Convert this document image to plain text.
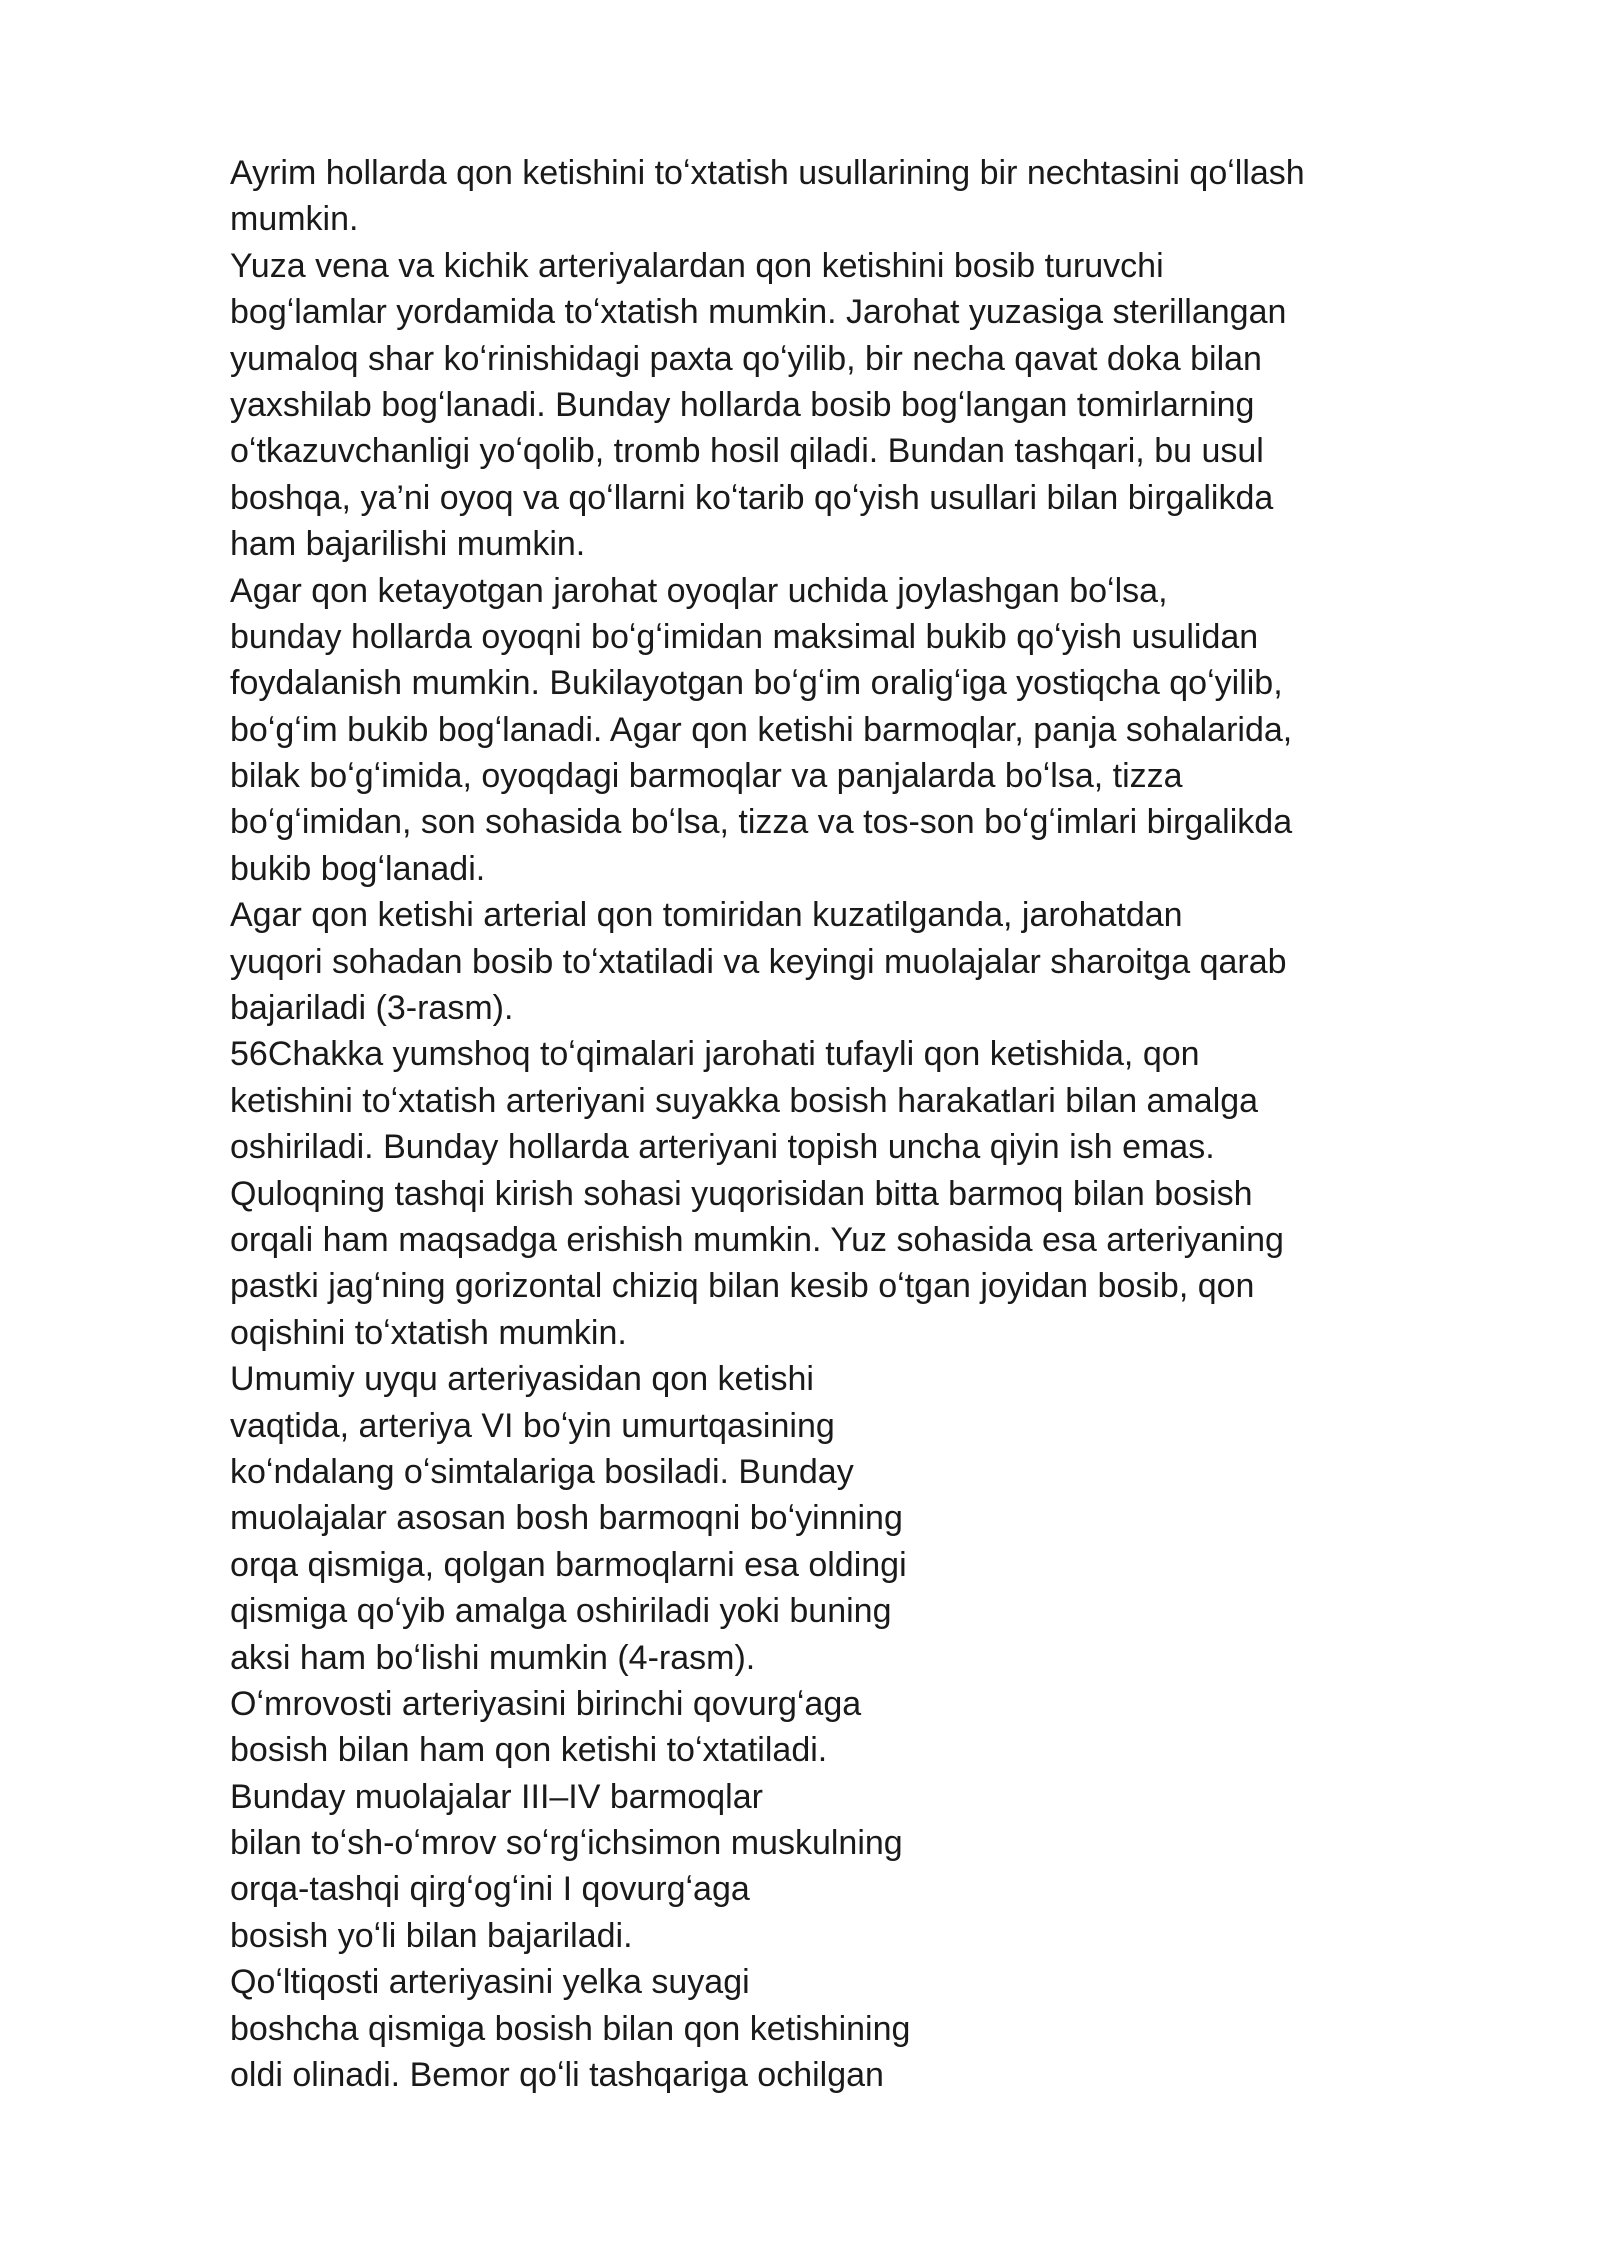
Ayrim hollarda qon ketishini toʻxtatish usullarining bir nechtasini qoʻllash
mumkin.
Yuza vena va kichik arteriyalardan qon ketishini bosib turuvchi
bogʻlamlar yordamida toʻxtatish mumkin. Jarohat yuzasiga sterillangan
yumaloq shar koʻrinishidagi paxta qoʻyilib, bir necha qavat doka bilan
yaxshilab bogʻlanadi. Bunday hollarda bosib bogʻlangan tomirlarning
oʻtkazuvchanligi yoʻqolib, tromb hosil qiladi. Bundan tashqari, bu usul
boshqa, ya’ni oyoq va qoʻllarni koʻtarib qoʻyish usullari bilan birgalikda
ham bajarilishi mumkin.
Agar qon ketayotgan jarohat oyoqlar uchida joylashgan boʻlsa,
bunday hollarda oyoqni boʻgʻimidan maksimal bukib qoʻyish usulidan
foydalanish mumkin. Bukilayotgan boʻgʻim oraligʻiga yostiqcha qoʻyilib,
boʻgʻim bukib bogʻlanadi. Agar qon ketishi barmoqlar, panja sohalarida,
bilak boʻgʻimida, oyoqdagi barmoqlar va panjalarda boʻlsa, tizza
boʻgʻimidan, son sohasida boʻlsa, tizza va tos-son boʻgʻimlari birgalikda
bukib bogʻlanadi.
Agar qon ketishi arterial qon tomiridan kuzatilganda, jarohatdan
yuqori sohadan bosib toʻxtatiladi va keyingi muolajalar sharoitga qarab
bajariladi (3-rasm).
56Chakka yumshoq toʻqimalari jarohati tufayli qon ketishida, qon
ketishini toʻxtatish arteriyani suyakka bosish harakatlari bilan amalga
oshiriladi. Bunday hollarda arteriyani topish uncha qiyin ish emas.
Quloqning tashqi kirish sohasi yuqorisidan bitta barmoq bilan bosish
orqali ham maqsadga erishish mumkin. Yuz sohasida esa arteriyaning
pastki jagʻning gorizontal chiziq bilan kesib oʻtgan joyidan bosib, qon
oqishini toʻxtatish mumkin.
Umumiy uyqu arteriyasidan qon ketishi
vaqtida, arteriya VI boʻyin umurtqasining
koʻndalang oʻsimtalariga bosiladi. Bunday
muolajalar asosan bosh barmoqni boʻyinning
orqa qismiga, qolgan barmoqlarni esa oldingi
qismiga qoʻyib amalga oshiriladi yoki buning
aksi ham boʻlishi mumkin (4-rasm).
Oʻmrovosti arteriyasini birinchi qovurgʻaga
bosish bilan ham qon ketishi toʻxtatiladi.
Bunday muolajalar III–IV barmoqlar
bilan toʻsh-oʻmrov soʻrgʻichsimon muskulning
orqa-tashqi qirgʻogʻini I qovurgʻaga
bosish yoʻli bilan bajariladi.
Qoʻltiqosti arteriyasini yelka suyagi
boshcha qismiga bosish bilan qon ketishining
oldi olinadi. Bemor qoʻli tashqariga ochilgan
